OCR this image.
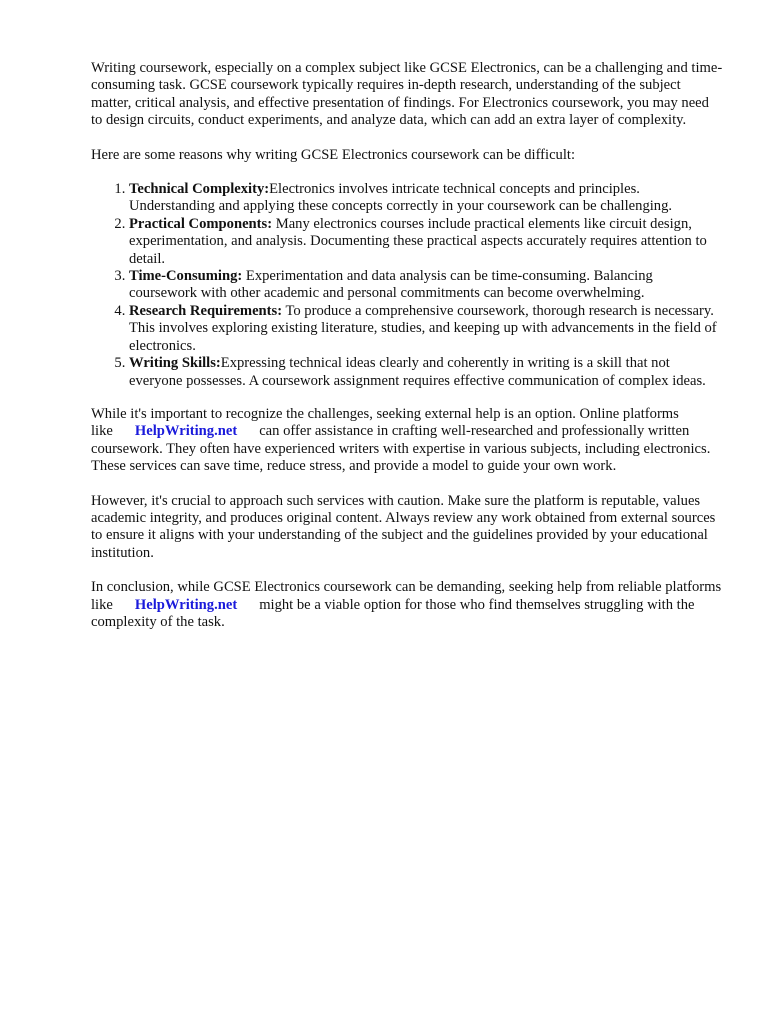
Writing coursework, especially on a complex subject like GCSE Electronics, can be a challenging and time-consuming task. GCSE coursework typically requires in-depth research, understanding of the subject matter, critical analysis, and effective presentation of findings. For Electronics coursework, you may need to design circuits, conduct experiments, and analyze data, which can add an extra layer of complexity.

Here are some reasons why writing GCSE Electronics coursework can be difficult:

1. Technical Complexity:Electronics involves intricate technical concepts and principles. Understanding and applying these concepts correctly in your coursework can be challenging.
2. Practical Components: Many electronics courses include practical elements like circuit design, experimentation, and analysis. Documenting these practical aspects accurately requires attention to detail.
3. Time-Consuming: Experimentation and data analysis can be time-consuming. Balancing coursework with other academic and personal commitments can become overwhelming.
4. Research Requirements: To produce a comprehensive coursework, thorough research is necessary. This involves exploring existing literature, studies, and keeping up with advancements in the field of electronics.
5. Writing Skills:Expressing technical ideas clearly and coherently in writing is a skill that not everyone possesses. A coursework assignment requires effective communication of complex ideas.

While it's important to recognize the challenges, seeking external help is an option. Online platforms like HelpWriting.net can offer assistance in crafting well-researched and professionally written coursework. They often have experienced writers with expertise in various subjects, including electronics. These services can save time, reduce stress, and provide a model to guide your own work.

However, it's crucial to approach such services with caution. Make sure the platform is reputable, values academic integrity, and produces original content. Always review any work obtained from external sources to ensure it aligns with your understanding of the subject and the guidelines provided by your educational institution.

In conclusion, while GCSE Electronics coursework can be demanding, seeking help from reliable platforms like HelpWriting.net might be a viable option for those who find themselves struggling with the complexity of the task.
